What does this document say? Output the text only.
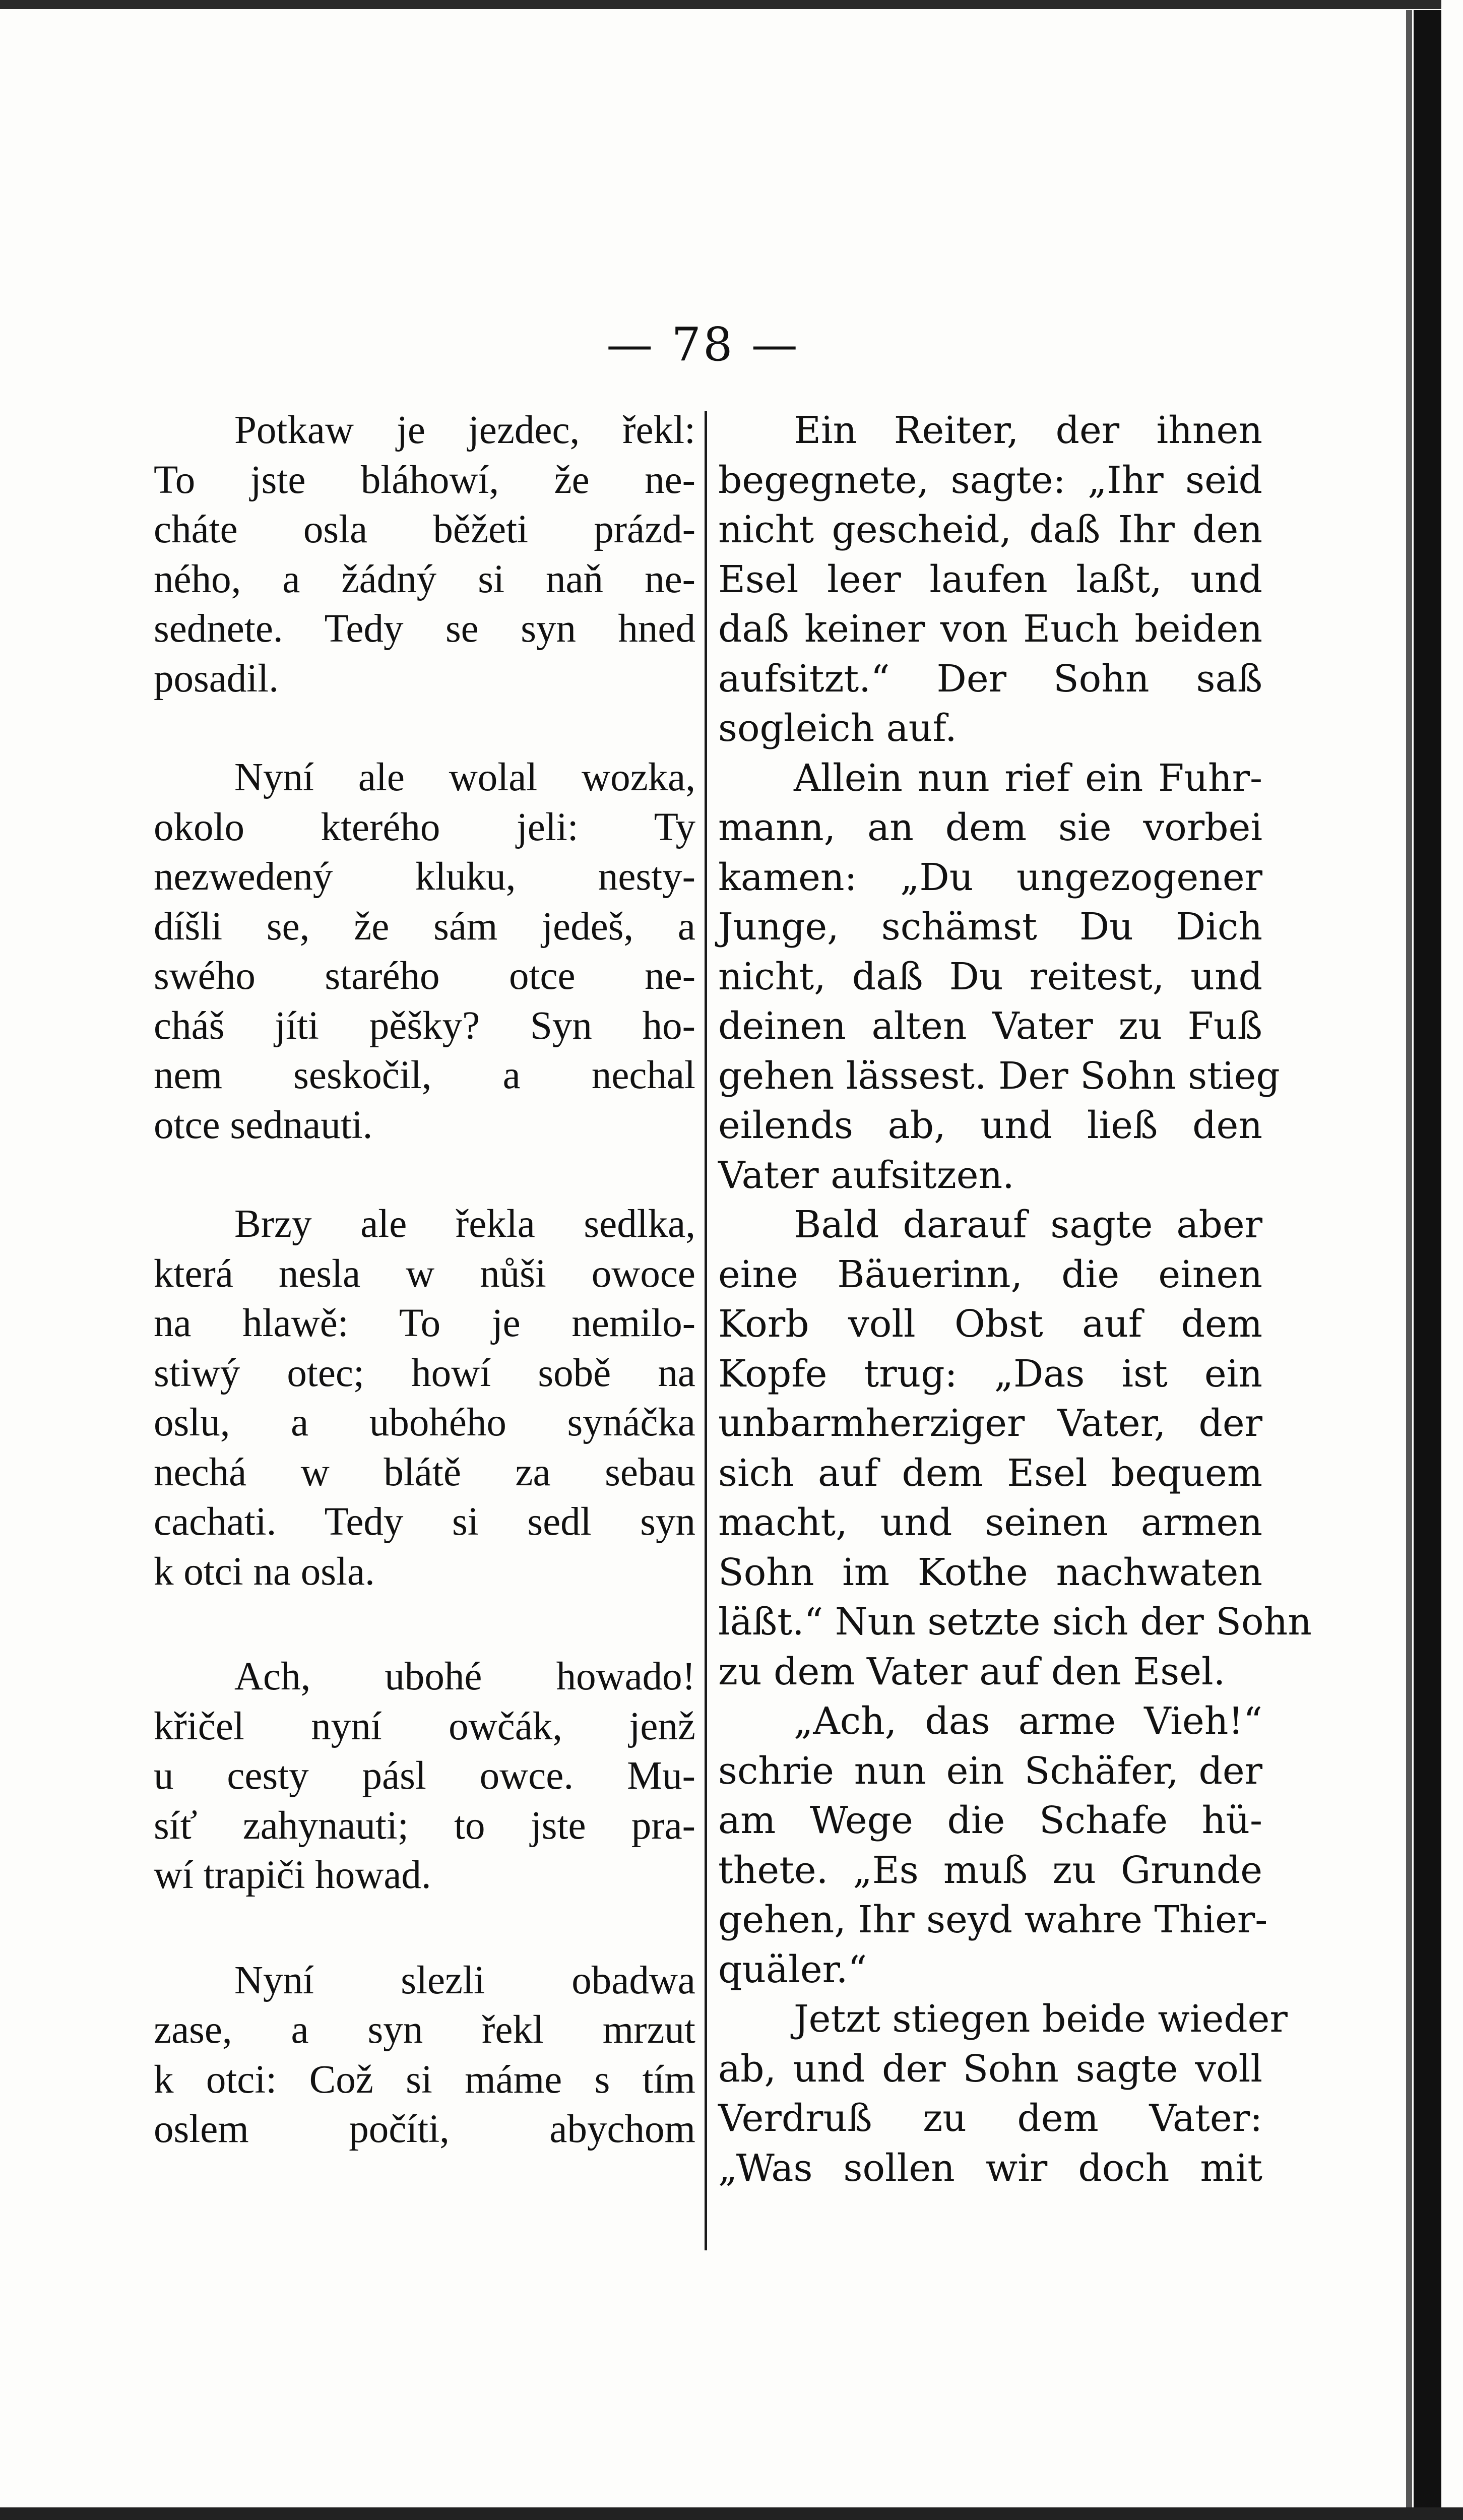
— 78 —

Potkaw je jezdec, řekl:
To jste bláhowí, že ne-
cháte osla běžeti prázd-
ného, a žádný si naň ne-
sednete. Tedy se syn hned
posadil.

Nyní ale wolal wozka,
okolo kterého jeli: Ty
nezwedený kluku, nesty-
díšli se, že sám jedeš, a
swého starého otce ne-
cháš jíti pěšky? Syn ho-
nem seskočil, a nechal
otce sednauti.

Brzy ale řekla sedlka,
která nesla w nůši owoce
na hlawě: To je nemilo-
stiwý otec; howí sobě na
oslu, a ubohého synáčka
nechá w blátě za sebau
cachati. Tedy si sedl syn
k otci na osla.

Ach, ubohé howado!
křičel nyní owčák, jenž
u cesty pásl owce. Mu-
síť zahynauti; to jste pra-
wí trapiči howad.

Nyní slezli obadwa
zase, a syn řekl mrzut
k otci: Což si máme s tím
oslem počíti, abychom

Ein Reiter, der ihnen
begegnete, sagte: „Ihr seid
nicht gescheid, daß Ihr den
Esel leer laufen laßt, und
daß keiner von Euch beiden
aufsitzt.“ Der Sohn saß
sogleich auf.

Allein nun rief ein Fuhr-
mann, an dem sie vorbei
kamen: „Du ungezogener
Junge, schämst Du Dich
nicht, daß Du reitest, und
deinen alten Vater zu Fuß
gehen lässest. Der Sohn stieg
eilends ab, und ließ den
Vater aufsitzen.

Bald darauf sagte aber
eine Bäuerinn, die einen
Korb voll Obst auf dem
Kopfe trug: „Das ist ein
unbarmherziger Vater, der
sich auf dem Esel bequem
macht, und seinen armen
Sohn im Kothe nachwaten
läßt.“ Nun setzte sich der Sohn
zu dem Vater auf den Esel.

„Ach, das arme Vieh!“
schrie nun ein Schäfer, der
am Wege die Schafe hü-
thete. „Es muß zu Grunde
gehen, Ihr seyd wahre Thier-
quäler.“

Jetzt stiegen beide wieder
ab, und der Sohn sagte voll
Verdruß zu dem Vater:
„Was sollen wir doch mit
